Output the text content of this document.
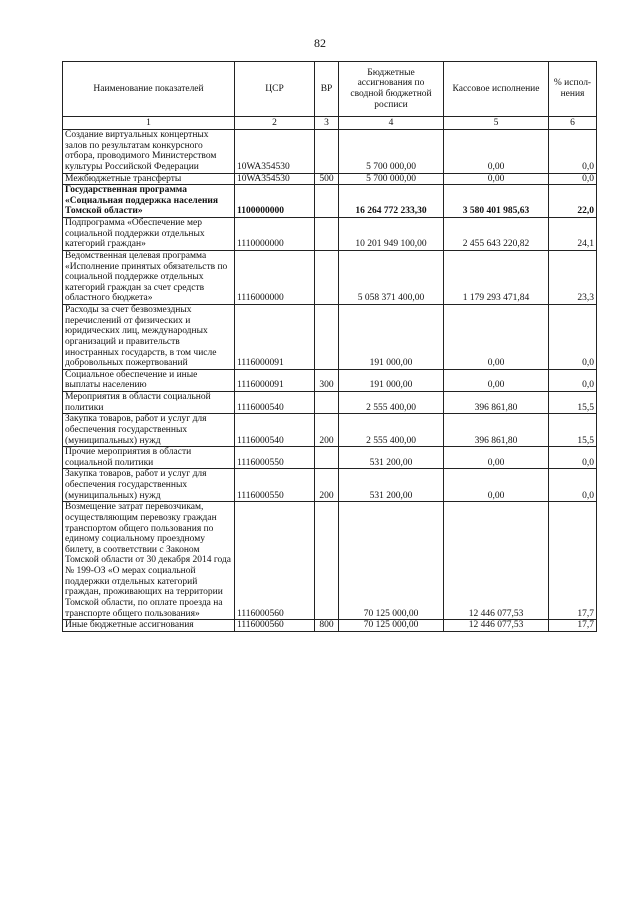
82
Наименование показателей	ЦСР	ВР	Бюджетные ассигнования по сводной бюджетной росписи	Кассовое исполнение	% испол-нения
1	2	3	4	5	6
Создание виртуальных концертных залов по результатам конкурсного отбора, проводимого Министерством культуры Российской Федерации	10WA354530		5 700 000,00	0,00	0,0
Межбюджетные трансферты	10WA354530	500	5 700 000,00	0,00	0,0
Государственная программа «Социальная поддержка населения Томской области»	1100000000		16 264 772 233,30	3 580 401 985,63	22,0
Подпрограмма «Обеспечение мер социальной поддержки отдельных категорий граждан»	1110000000		10 201 949 100,00	2 455 643 220,82	24,1
Ведомственная целевая программа «Исполнение принятых обязательств по социальной поддержке отдельных категорий граждан за счет средств областного бюджета»	1116000000		5 058 371 400,00	1 179 293 471,84	23,3
Расходы за счет безвозмездных перечислений от физических и юридических лиц, международных организаций и правительств иностранных государств, в том числе добровольных пожертвований	1116000091		191 000,00	0,00	0,0
Социальное обеспечение и иные выплаты населению	1116000091	300	191 000,00	0,00	0,0
Мероприятия в области социальной политики	1116000540		2 555 400,00	396 861,80	15,5
Закупка товаров, работ и услуг для обеспечения государственных (муниципальных) нужд	1116000540	200	2 555 400,00	396 861,80	15,5
Прочие мероприятия в области социальной политики	1116000550		531 200,00	0,00	0,0
Закупка товаров, работ и услуг для обеспечения государственных (муниципальных) нужд	1116000550	200	531 200,00	0,00	0,0
Возмещение затрат перевозчикам, осуществляющим перевозку граждан транспортом общего пользования по единому социальному проездному билету, в соответствии с Законом Томской области от 30 декабря 2014 года № 199-ОЗ «О мерах социальной поддержки отдельных категорий граждан, проживающих на территории Томской области, по оплате проезда на транспорте общего пользования»	1116000560		70 125 000,00	12 446 077,53	17,7
Иные бюджетные ассигнования	1116000560	800	70 125 000,00	12 446 077,53	17,7
